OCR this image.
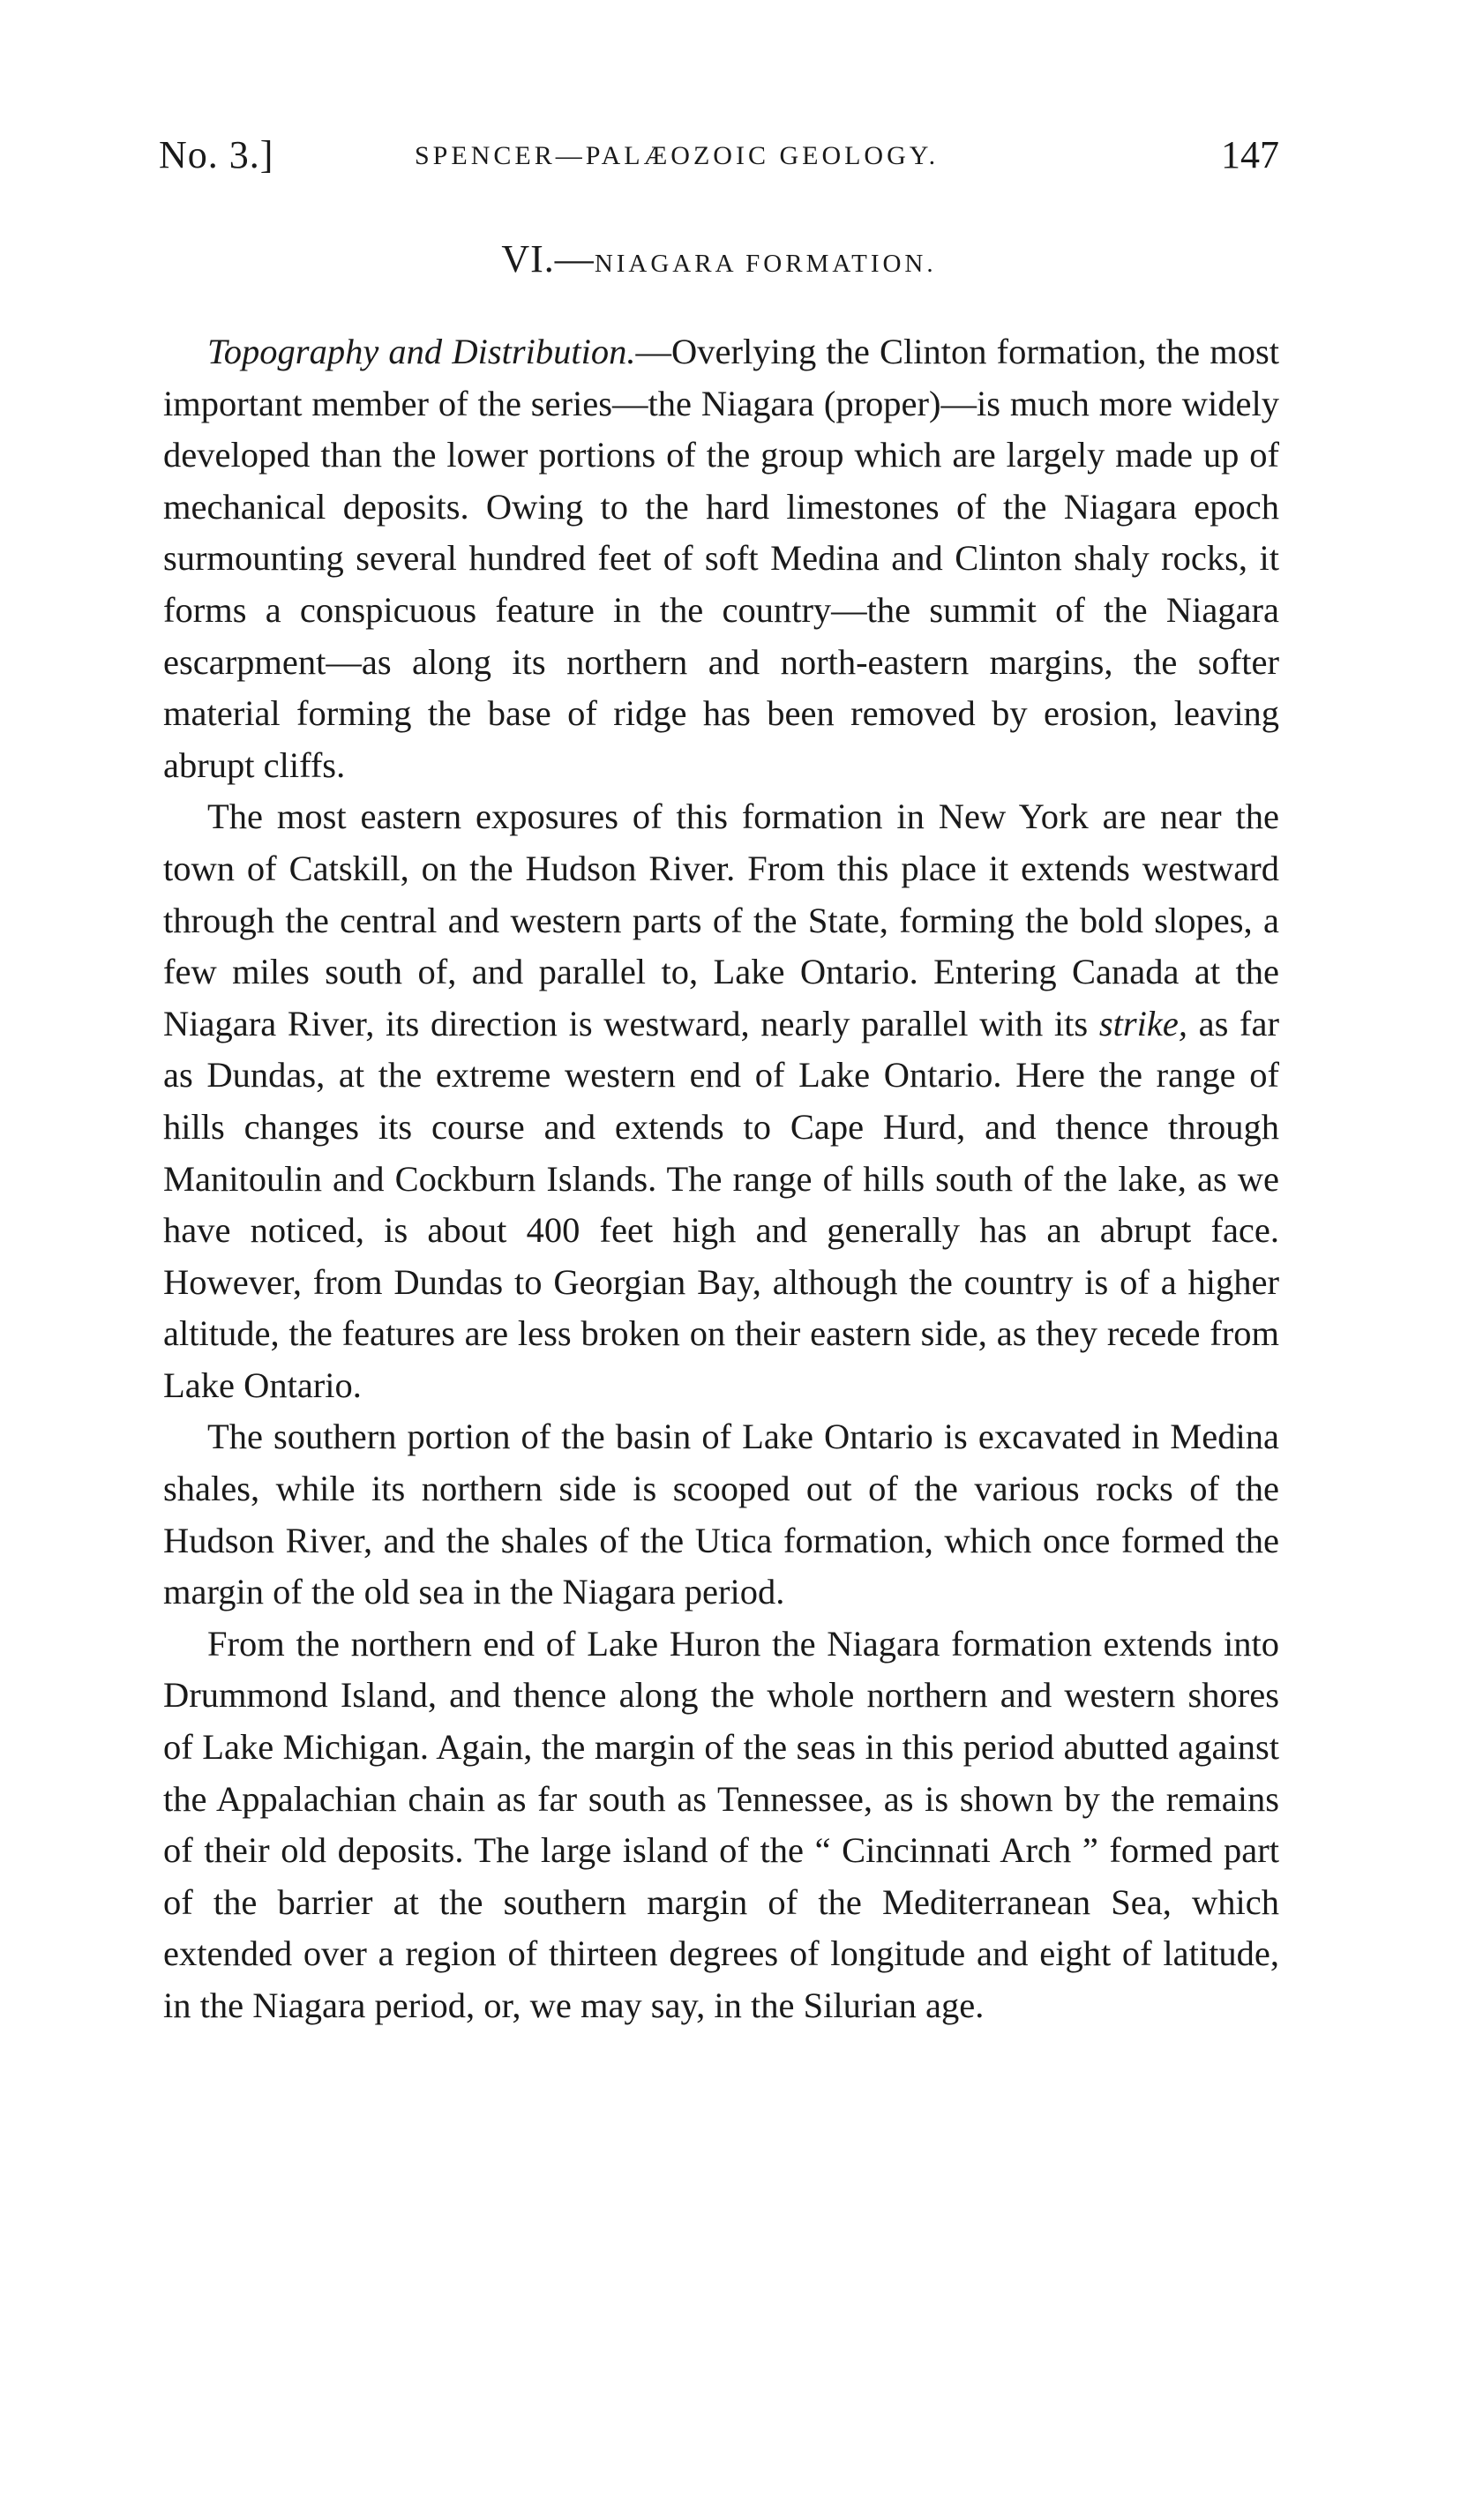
No. 3.]	SPENCER—PALÆOZOIC GEOLOGY.	147
VI.—NIAGARA FORMATION.

Topography and Distribution.—Overlying the Clinton formation, the most important member of the series—the Niagara (proper)—is much more widely developed than the lower portions of the group which are largely made up of mechanical deposits. Owing to the hard limestones of the Niagara epoch surmounting several hundred feet of soft Medina and Clinton shaly rocks, it forms a conspicuous feature in the country—the summit of the Niagara escarpment—as along its northern and north-eastern margins, the softer material forming the base of ridge has been removed by erosion, leaving abrupt cliffs.

The most eastern exposures of this formation in New York are near the town of Catskill, on the Hudson River. From this place it extends westward through the central and western parts of the State, forming the bold slopes, a few miles south of, and parallel to, Lake Ontario. Entering Canada at the Niagara River, its direction is westward, nearly parallel with its strike, as far as Dundas, at the extreme western end of Lake Ontario. Here the range of hills changes its course and extends to Cape Hurd, and thence through Manitoulin and Cockburn Islands. The range of hills south of the lake, as we have noticed, is about 400 feet high and generally has an abrupt face. However, from Dundas to Georgian Bay, although the country is of a higher altitude, the features are less broken on their eastern side, as they recede from Lake Ontario.

The southern portion of the basin of Lake Ontario is excavated in Medina shales, while its northern side is scooped out of the various rocks of the Hudson River, and the shales of the Utica formation, which once formed the margin of the old sea in the Niagara period.

From the northern end of Lake Huron the Niagara formation extends into Drummond Island, and thence along the whole northern and western shores of Lake Michigan. Again, the margin of the seas in this period abutted against the Appalachian chain as far south as Tennessee, as is shown by the remains of their old deposits. The large island of the “ Cincinnati Arch ” formed part of the barrier at the southern margin of the Mediterranean Sea, which extended over a region of thirteen degrees of longitude and eight of latitude, in the Niagara period, or, we may say, in the Silurian age.
